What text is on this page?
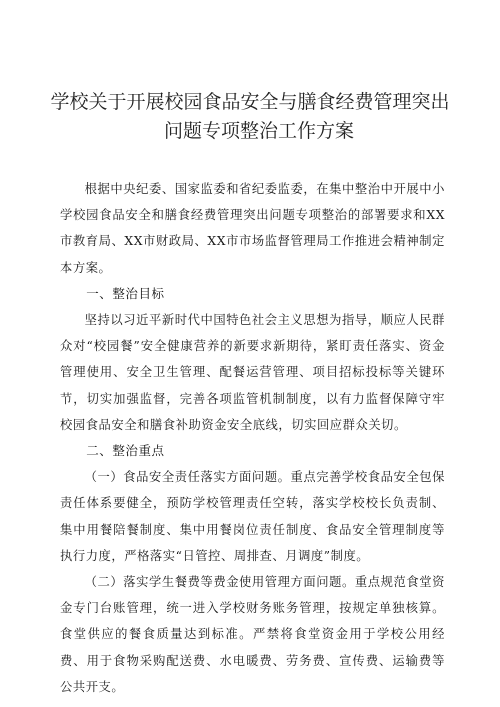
学校关于开展校园食品安全与膳食经费管理突出
问题专项整治工作方案

根据中央纪委、国家监委和省纪委监委，在集中整治中开展中小学校园食品安全和膳食经费管理突出问题专项整治的部署要求和XX市教育局、XX市财政局、XX市市场监督管理局工作推进会精神制定本方案。

一、整治目标

坚持以习近平新时代中国特色社会主义思想为指导，顺应人民群众对“校园餐”安全健康营养的新要求新期待，紧盯责任落实、资金管理使用、安全卫生管理、配餐运营管理、项目招标投标等关键环节，切实加强监督，完善各项监管机制制度，以有力监督保障守牢校园食品安全和膳食补助资金安全底线，切实回应群众关切。

二、整治重点

（一）食品安全责任落实方面问题。重点完善学校食品安全包保责任体系要健全，预防学校管理责任空转，落实学校校长负责制、集中用餐陪餐制度、集中用餐岗位责任制度、食品安全管理制度等执行力度，严格落实“日管控、周排查、月调度”制度。

（二）落实学生餐费等费金使用管理方面问题。重点规范食堂资金专门台账管理，统一进入学校财务账务管理，按规定单独核算。食堂供应的餐食质量达到标准。严禁将食堂资金用于学校公用经费、用于食物采购配送费、水电暖费、劳务费、宣传费、运输费等公共开支。
